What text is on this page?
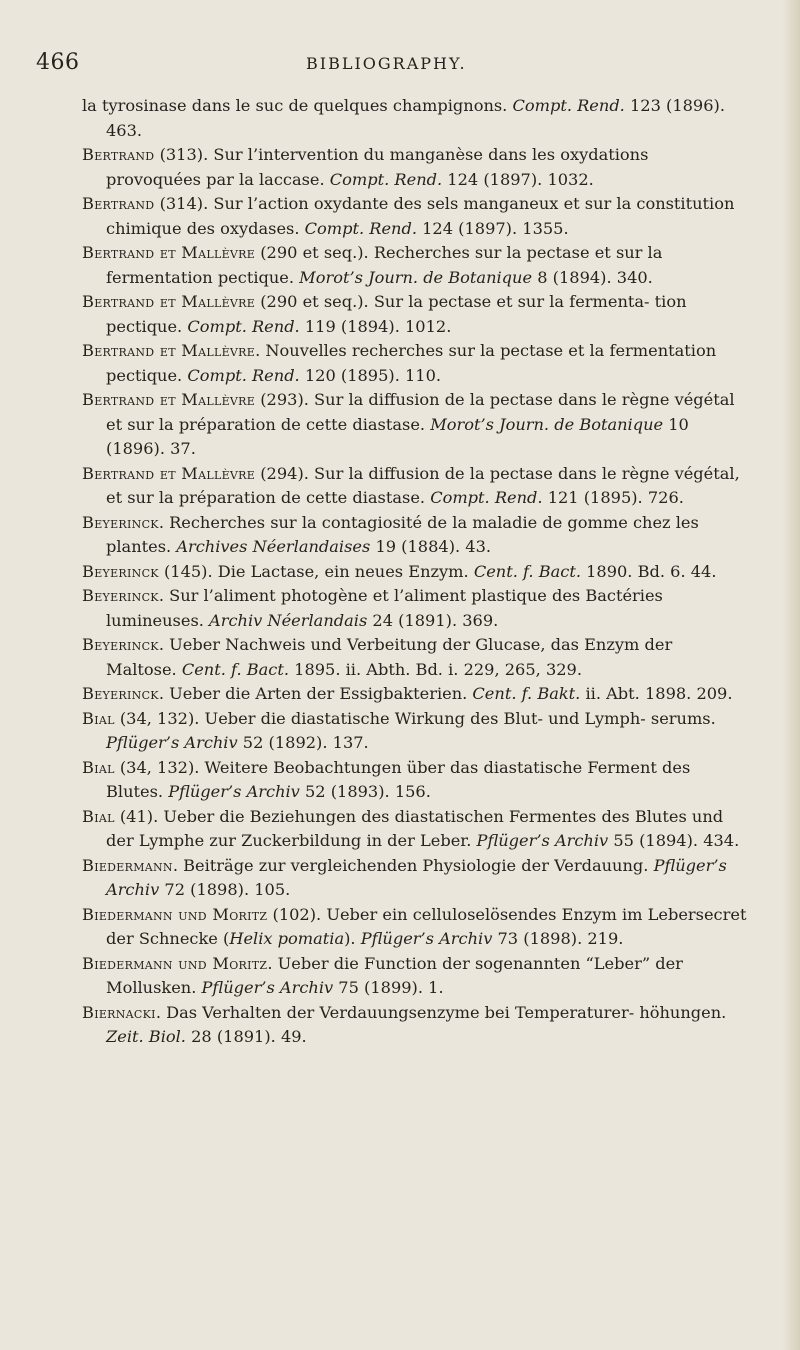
466	BIBLIOGRAPHY.

la tyrosinase dans le suc de quelques champignons. Compt. Rend. 123 (1896). 463.

Bertrand (313). Sur l’intervention du manganèse dans les oxydations provoquées par la laccase. Compt. Rend. 124 (1897). 1032.

Bertrand (314). Sur l’action oxydante des sels manganeux et sur la constitution chimique des oxydases. Compt. Rend. 124 (1897). 1355.

Bertrand et Mallèvre (290 et seq.). Recherches sur la pectase et sur la fermentation pectique. Morot’s Journ. de Botanique 8 (1894). 340.

Bertrand et Mallèvre (290 et seq.). Sur la pectase et sur la fermenta- tion pectique. Compt. Rend. 119 (1894). 1012.

Bertrand et Mallèvre. Nouvelles recherches sur la pectase et la fermentation pectique. Compt. Rend. 120 (1895). 110.

Bertrand et Mallèvre (293). Sur la diffusion de la pectase dans le règne végétal et sur la préparation de cette diastase. Morot’s Journ. de Botanique 10 (1896). 37.

Bertrand et Mallèvre (294). Sur la diffusion de la pectase dans le règne végétal, et sur la préparation de cette diastase. Compt. Rend. 121 (1895). 726.

Beyerinck. Recherches sur la contagiosité de la maladie de gomme chez les plantes. Archives Néerlandaises 19 (1884). 43.

Beyerinck (145). Die Lactase, ein neues Enzym. Cent. f. Bact. 1890. Bd. 6. 44.

Beyerinck. Sur l’aliment photogène et l’aliment plastique des Bactéries lumineuses. Archiv Néerlandais 24 (1891). 369.

Beyerinck. Ueber Nachweis und Verbeitung der Glucase, das Enzym der Maltose. Cent. f. Bact. 1895. ii. Abth. Bd. i. 229, 265, 329.

Beyerinck. Ueber die Arten der Essigbakterien. Cent. f. Bakt. ii. Abt. 1898. 209.

Bial (34, 132). Ueber die diastatische Wirkung des Blut- und Lymph- serums. Pflüger’s Archiv 52 (1892). 137.

Bial (34, 132). Weitere Beobachtungen über das diastatische Ferment des Blutes. Pflüger’s Archiv 52 (1893). 156.

Bial (41). Ueber die Beziehungen des diastatischen Fermentes des Blutes und der Lymphe zur Zuckerbildung in der Leber. Pflüger’s Archiv 55 (1894). 434.

Biedermann. Beiträge zur vergleichenden Physiologie der Verdauung. Pflüger’s Archiv 72 (1898). 105.

Biedermann und Moritz (102). Ueber ein celluloselösendes Enzym im Lebersecret der Schnecke (Helix pomatia). Pflüger’s Archiv 73 (1898). 219.

Biedermann und Moritz. Ueber die Function der sogenannten “Leber” der Mollusken. Pflüger’s Archiv 75 (1899). 1.

Biernacki. Das Verhalten der Verdauungsenzyme bei Temperaturer- höhungen. Zeit. Biol. 28 (1891). 49.
